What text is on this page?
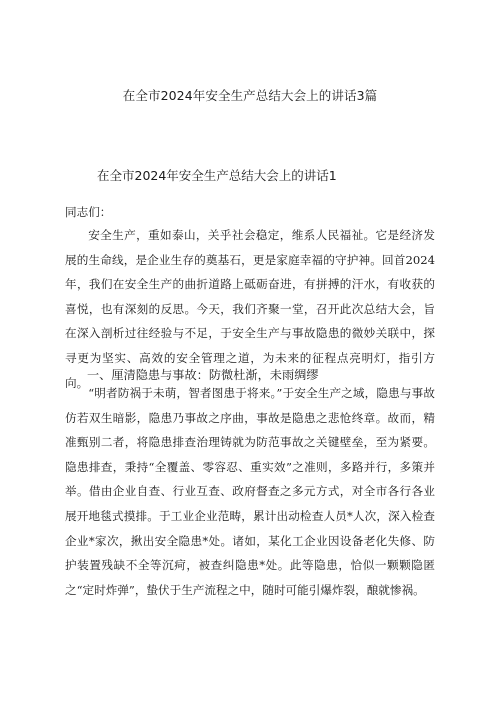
在全市2024年安全生产总结大会上的讲话3篇
在全市2024年安全生产总结大会上的讲话1
同志们：

安全生产，重如泰山，关乎社会稳定，维系人民福祉。它是经济发展的生命线，是企业生存的奠基石，更是家庭幸福的守护神。回首2024年，我们在安全生产的曲折道路上砥砺奋进，有拼搏的汗水，有收获的喜悦，也有深刻的反思。今天，我们齐聚一堂，召开此次总结大会，旨在深入剖析过往经验与不足，于安全生产与事故隐患的微妙关联中，探寻更为坚实、高效的安全管理之道，为未来的征程点亮明灯，指引方向。

一、厘清隐患与事故：防微杜渐，未雨绸缪

“明者防祸于未萌，智者图患于将来。”于安全生产之域，隐患与事故仿若双生暗影，隐患乃事故之序曲，事故是隐患之悲怆终章。故而，精准甄别二者，将隐患排查治理铸就为防范事故之关键壁垒，至为紧要。隐患排查，秉持“全覆盖、零容忍、重实效”之准则，多路并行，多策并举。借由企业自查、行业互查、政府督查之多元方式，对全市各行各业展开地毯式摸排。于工业企业范畴，累计出动检查人员*人次，深入检查企业*家次，揪出安全隐患*处。诸如，某化工企业因设备老化失修、防护装置残缺不全等沉疴，被查纠隐患*处。此等隐患，恰似一颗颗隐匿之“定时炸弹”，蛰伏于生产流程之中，随时可能引爆炸裂，酿就惨祸。
